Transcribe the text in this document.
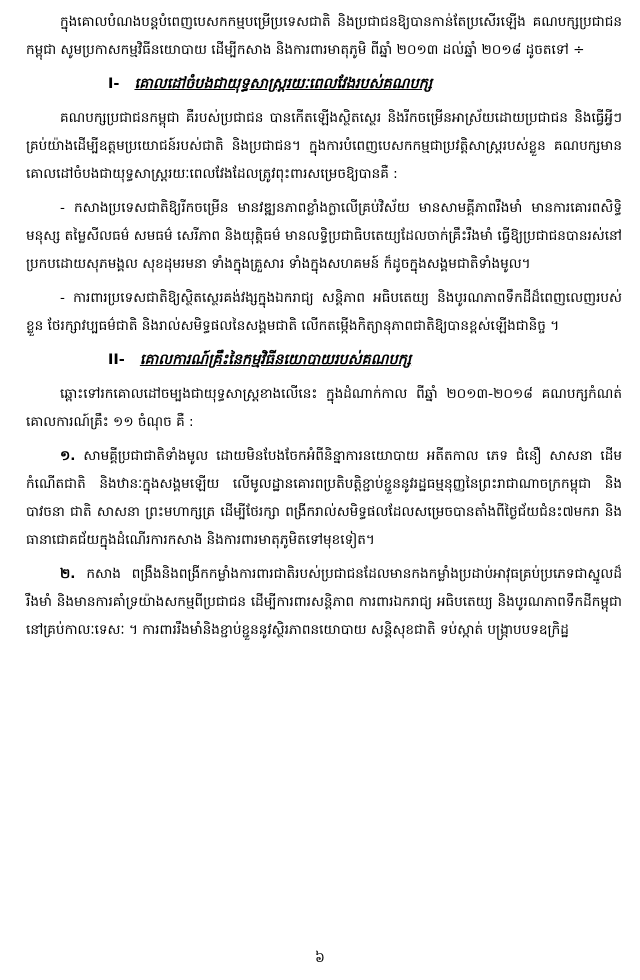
ក្នុងគោលបំណងបន្តបំពេញបេសកកម្មបម្រើប្រទេសជាតិ និងប្រជាជនឱ្យបានកាន់តែប្រសើរឡើង គណបក្សប្រជាជនកម្ពុជា សូមប្រកាសកម្មវិធីនយោបាយ ដើម្បីកសាង និងការពារមាតុភូមិ ពីឆ្នាំ ២០១៣ ដល់ឆ្នាំ ២០១៨ ដូចតទៅ ÷

I- គោលដៅចំបងជាយុទ្ធសាស្ត្ររយៈពេលវែងរបស់គណបក្ស

គណបក្សប្រជាជនកម្ពុជា គឺរបស់ប្រជាជន បានកើតឡើងស្ថិតស្ថេរ និងរីកចម្រើនអាស្រ័យដោយប្រជាជន និងធ្វើអ្វីៗគ្រប់យ៉ាងដើម្បីឧត្តមប្រយោជន៍របស់ជាតិ និងប្រជាជន។ ក្នុងការបំពេញបេសកកម្មជាប្រវត្តិសាស្ត្ររបស់ខ្លួន គណបក្សមានគោលដៅចំបងជាយុទ្ធសាស្ត្ររយៈពេលវែងដែលត្រូវពុះពារសម្រេចឱ្យបានគឺ :

- កសាងប្រទេសជាតិឱ្យរីកចម្រើន មានវឌ្ឍនភាពខ្លាំងក្លាលើគ្រប់វិស័យ មានសាមគ្គីភាពរឹងមាំ មានការគោរពសិទ្ធិមនុស្ស តម្លៃសីលធម៌ សមធម៌ សេរីភាព និងយុត្តិធម៌ មានលទ្ធិប្រជាធិបតេយ្យដែលចាក់គ្រឹះរឹងមាំ ធ្វើឱ្យប្រជាជនបានរស់នៅប្រកបដោយសុភមង្គល សុខដុមរមនា ទាំងក្នុងគ្រួសារ ទាំងក្នុងសហគមន៍ ក៏ដូចក្នុងសង្គមជាតិទាំងមូល។

- ការពារប្រទេសជាតិឱ្យស្ថិតស្ថេរគង់វង្សក្នុងឯករាជ្យ សន្តិភាព អធិបតេយ្យ និងបូរណភាពទឹកដីដ៏ពេញលេញរបស់ខ្លួន ថែរក្សាវប្បធម៌ជាតិ និងរាល់សមិទ្ធផលនៃសង្គមជាតិ លើកតម្កើងកិត្យានុភាពជាតិឱ្យបានខ្ពស់ឡើងជានិច្ច ។

II- គោលការណ៍គ្រឹះនៃកម្មវិធីនយោបាយរបស់គណបក្ស

ឆ្ពោះទៅរកគោលដៅចម្បងជាយុទ្ធសាស្ត្រខាងលើនេះ ក្នុងដំណាក់កាល ពីឆ្នាំ ២០១៣-២០១៨ គណបក្សកំណត់គោលការណ៍គ្រឹះ ១១ ចំណុច គឺ :

១. សាមគ្គីប្រជាជាតិទាំងមូល ដោយមិនបែងចែកអំពីនិន្នាការនយោបាយ អតីតកាល ភេទ ជំនឿ សាសនា ដើមកំណើតជាតិ និងឋានៈក្នុងសង្គមឡើយ លើមូលដ្ឋានគោរពប្រតិបត្តិខ្ជាប់ខ្ជួននូវរដ្ឋធម្មនុញ្ញនៃព្រះរាជាណាចក្រកម្ពុជា និងបាវចនា ជាតិ សាសនា ព្រះមហាក្សត្រ ដើម្បីថែរក្សា ពង្រីករាល់សមិទ្ធផលដែលសម្រេចបានតាំងពីថ្ងៃជ័យជំនះ៧មករា និងធានាជោគជ័យក្នុងដំណើរការកសាង និងការពារមាតុភូមិតទៅមុខទៀត។

២. កសាង ពង្រឹងនិងពង្រីកកម្លាំងការពារជាតិរបស់ប្រជាជនដែលមានកងកម្លាំងប្រដាប់អាវុធគ្រប់ប្រភេទជាស្នូលដ៏រឹងមាំ និងមានការគាំទ្រយ៉ាងសកម្មពីប្រជាជន ដើម្បីការពារសន្តិភាព ការពារឯករាជ្យ អធិបតេយ្យ និងបូរណភាពទឹកដីកម្ពុជានៅគ្រប់កាលៈទេសៈ ។ ការពាររឹងមាំនិងខ្ជាប់ខ្ជួននូវស្ថិរភាពនយោបាយ សន្តិសុខជាតិ ទប់ស្កាត់ បង្ក្រាបបទឧក្រិដ្ឋ

៦
